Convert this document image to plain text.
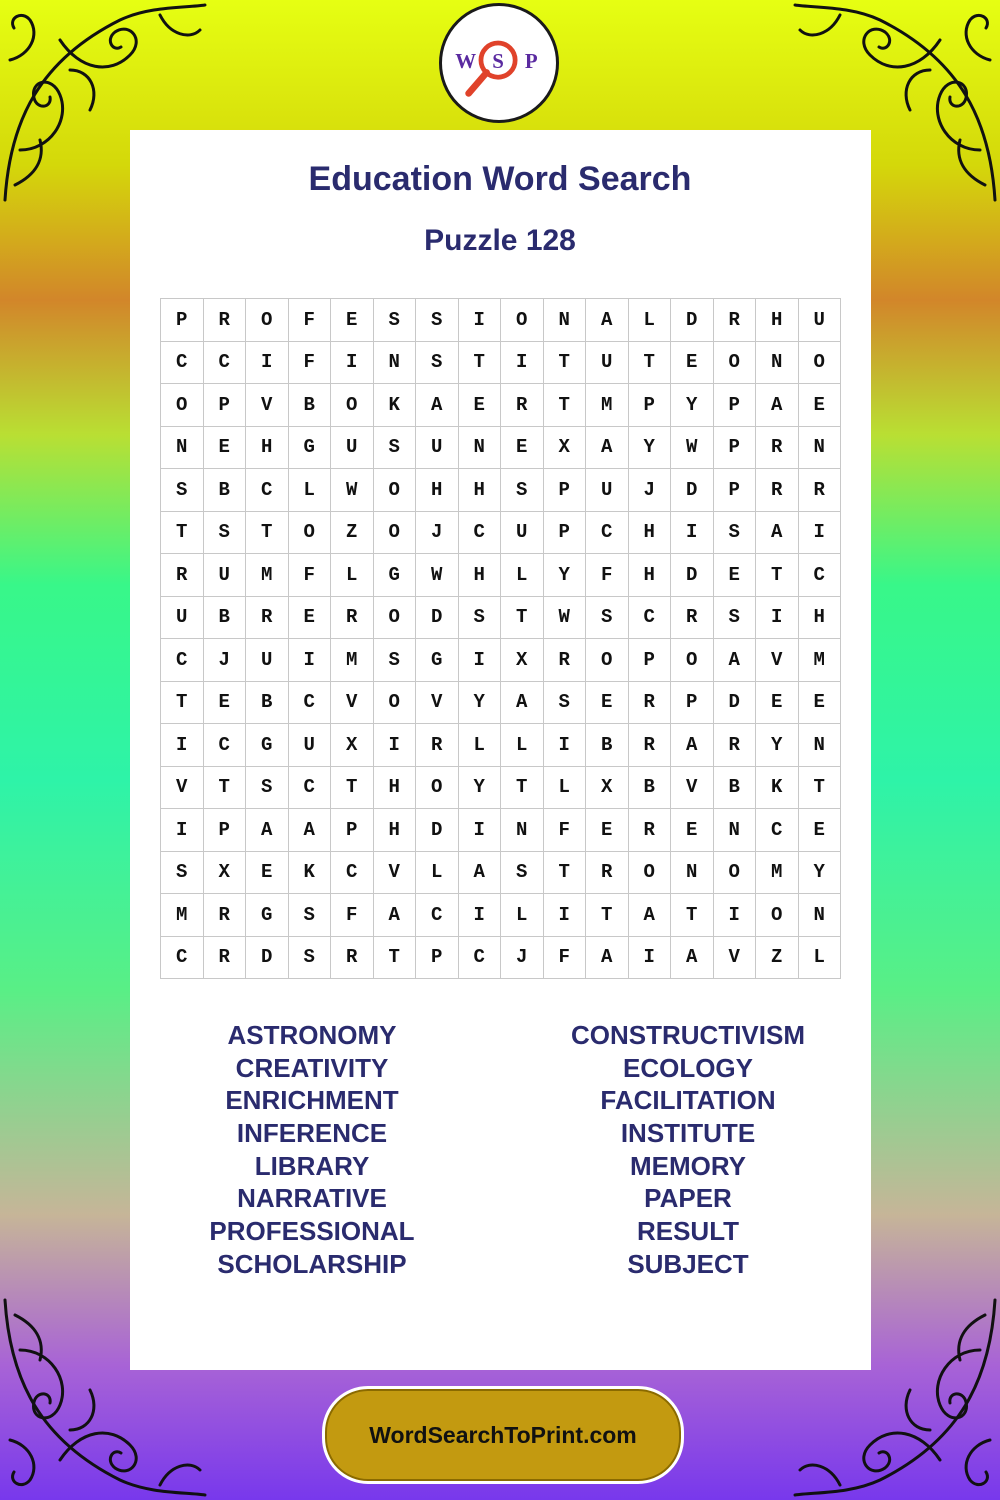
W S P
Education Word Search
Puzzle 128
P	R	O	F	E	S	S	I	O	N	A	L	D	R	H	U
C	C	I	F	I	N	S	T	I	T	U	T	E	O	N	O
O	P	V	B	O	K	A	E	R	T	M	P	Y	P	A	E
N	E	H	G	U	S	U	N	E	X	A	Y	W	P	R	N
S	B	C	L	W	O	H	H	S	P	U	J	D	P	R	R
T	S	T	O	Z	O	J	C	U	P	C	H	I	S	A	I
R	U	M	F	L	G	W	H	L	Y	F	H	D	E	T	C
U	B	R	E	R	O	D	S	T	W	S	C	R	S	I	H
C	J	U	I	M	S	G	I	X	R	O	P	O	A	V	M
T	E	B	C	V	O	V	Y	A	S	E	R	P	D	E	E
I	C	G	U	X	I	R	L	L	I	B	R	A	R	Y	N
V	T	S	C	T	H	O	Y	T	L	X	B	V	B	K	T
I	P	A	A	P	H	D	I	N	F	E	R	E	N	C	E
S	X	E	K	C	V	L	A	S	T	R	O	N	O	M	Y
M	R	G	S	F	A	C	I	L	I	T	A	T	I	O	N
C	R	D	S	R	T	P	C	J	F	A	I	A	V	Z	L
ASTRONOMY
CREATIVITY
ENRICHMENT
INFERENCE
LIBRARY
NARRATIVE
PROFESSIONAL
SCHOLARSHIP
CONSTRUCTIVISM
ECOLOGY
FACILITATION
INSTITUTE
MEMORY
PAPER
RESULT
SUBJECT
WordSearchToPrint.com
